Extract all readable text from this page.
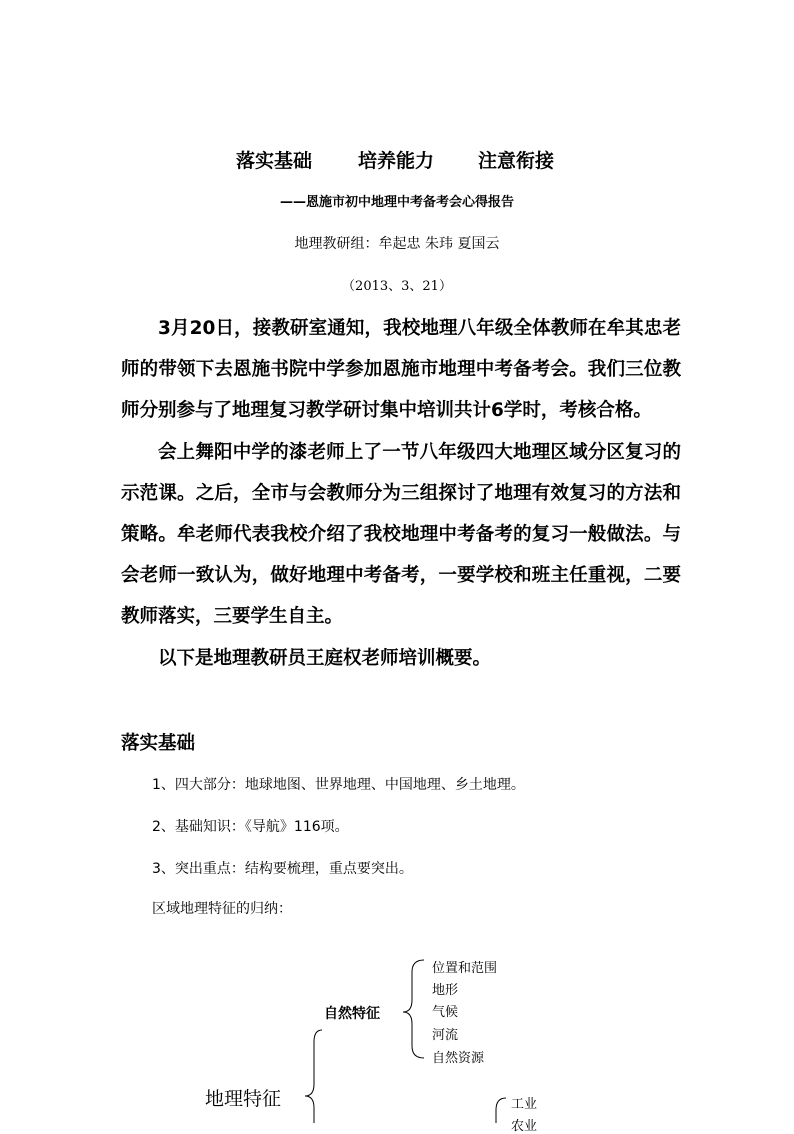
落实基础 培养能力 注意衔接
——恩施市初中地理中考备考会心得报告
地理教研组：牟起忠 朱玮 夏国云
（2013、3、21）

3月20日，接教研室通知，我校地理八年级全体教师在牟其忠老师的带领下去恩施书院中学参加恩施市地理中考备考会。我们三位教师分别参与了地理复习教学研讨集中培训共计6学时，考核合格。

会上舞阳中学的漆老师上了一节八年级四大地理区域分区复习的示范课。之后，全市与会教师分为三组探讨了地理有效复习的方法和策略。牟老师代表我校介绍了我校地理中考备考的复习一般做法。与会老师一致认为，做好地理中考备考，一要学校和班主任重视，二要教师落实，三要学生自主。

以下是地理教研员王庭权老师培训概要。

落实基础
1、四大部分：地球地图、世界地理、中国地理、乡土地理。
2、基础知识：《导航》116项。
3、突出重点：结构要梳理，重点要突出。
区域地理特征的归纳：
地理特征
自然特征
位置和范围
地形
气候
河流
自然资源
工业
农业
